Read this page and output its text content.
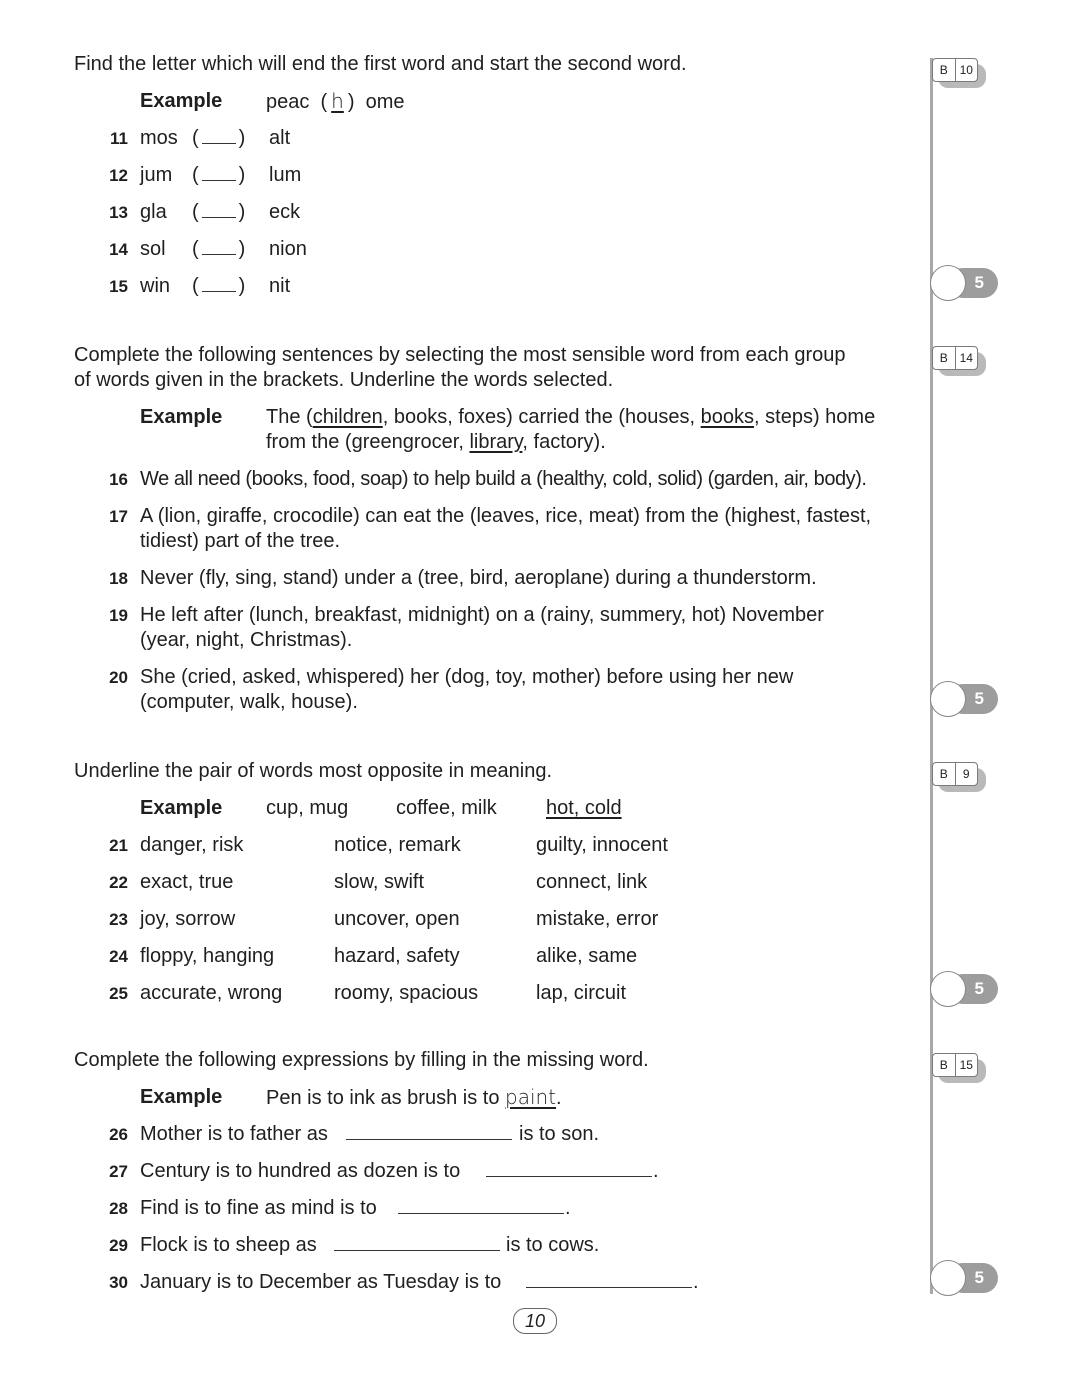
Find the letter which will end the first word and start the second word.
Example peac  ( h )  ome
11 mos ( ) alt
12 jum ( ) lum
13 gla ( ) eck
14 sol ( ) nion
15 win ( ) nit
Complete the following sentences by selecting the most sensible word from each group
of words given in the brackets. Underline the words selected.
Example The (children, books, foxes) carried the (houses, books, steps) home
from the (greengrocer, library, factory).
16 We all need (books, food, soap) to help build a (healthy, cold, solid) (garden, air, body).
17 A (lion, giraffe, crocodile) can eat the (leaves, rice, meat) from the (highest, fastest,
tidiest) part of the tree.
18 Never (fly, sing, stand) under a (tree, bird, aeroplane) during a thunderstorm.
19 He left after (lunch, breakfast, midnight) on a (rainy, summery, hot) November
(year, night, Christmas).
20 She (cried, asked, whispered) her (dog, toy, mother) before using her new
(computer, walk, house).
Underline the pair of words most opposite in meaning.
Example cup, mug coffee, milk hot, cold
21 danger, risk	notice, remark	guilty, innocent
22 exact, true	slow, swift	connect, link
23 joy, sorrow	uncover, open	mistake, error
24 floppy, hanging	hazard, safety	alike, same
25 accurate, wrong	roomy, spacious	lap, circuit
Complete the following expressions by filling in the missing word.
Example Pen is to ink as brush is to paint.
26 Mother is to father as	is to son.
27 Century is to hundred as dozen is to	.
28 Find is to fine as mind is to	.
29 Flock is to sheep as	is to cows.
30 January is to December as Tuesday is to	.
B 10
B 14
B	9
B 15
5
5
5
5
10
